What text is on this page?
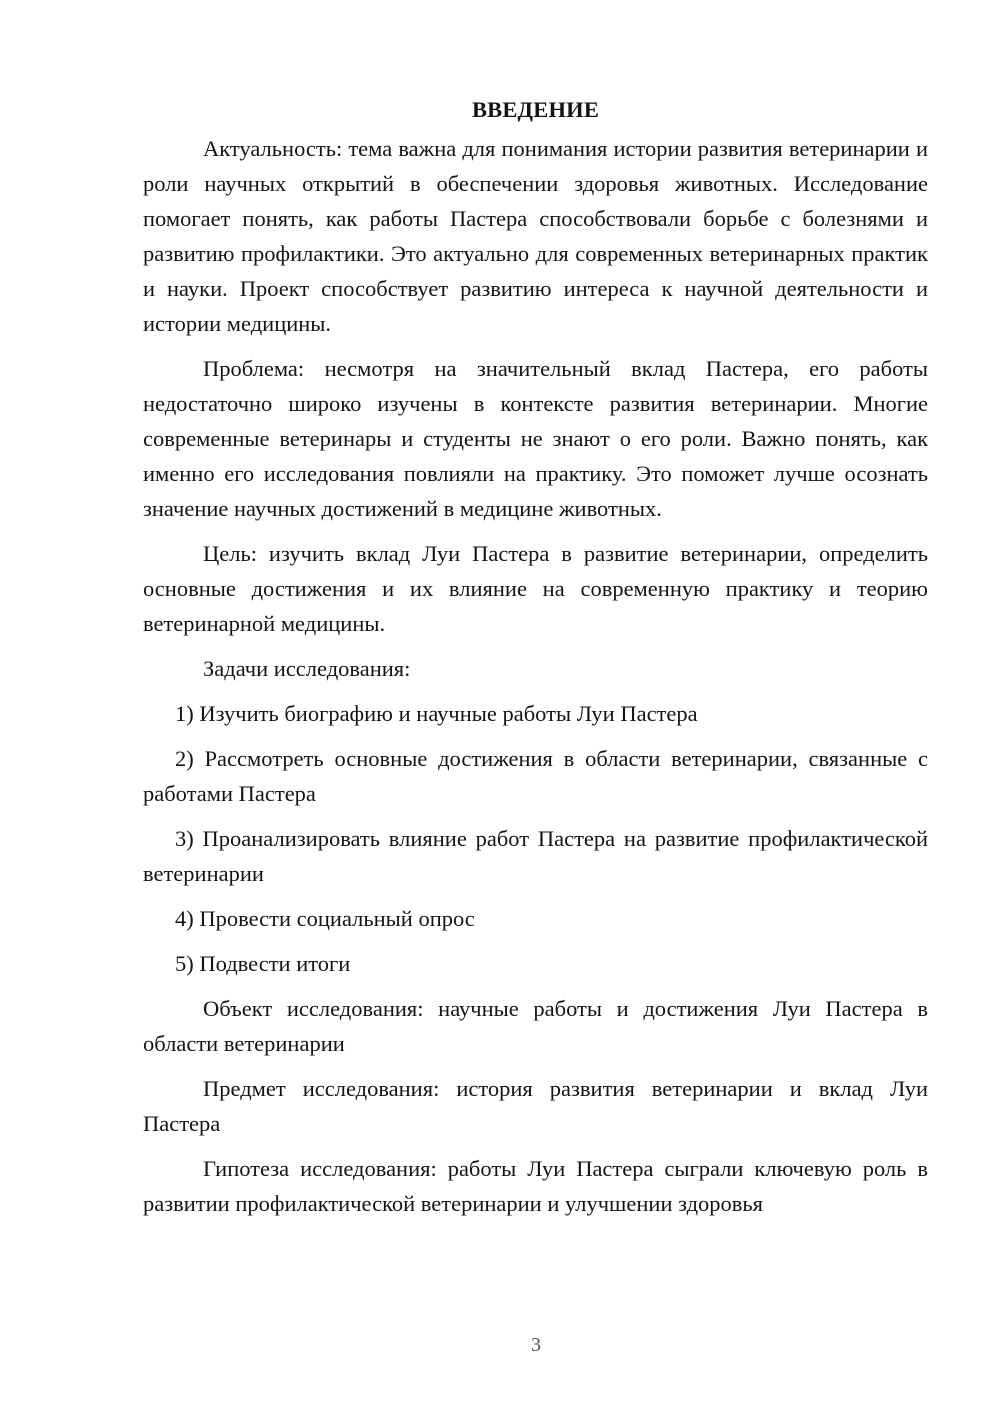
ВВЕДЕНИЕ

Актуальность: тема важна для понимания истории развития ветеринарии и роли научных открытий в обеспечении здоровья животных. Исследование помогает понять, как работы Пастера способствовали борьбе с болезнями и развитию профилактики. Это актуально для современных ветеринарных практик и науки. Проект способствует развитию интереса к научной деятельности и истории медицины.

Проблема: несмотря на значительный вклад Пастера, его работы недостаточно широко изучены в контексте развития ветеринарии. Многие современные ветеринары и студенты не знают о его роли. Важно понять, как именно его исследования повлияли на практику. Это поможет лучше осознать значение научных достижений в медицине животных.

Цель: изучить вклад Луи Пастера в развитие ветеринарии, определить основные достижения и их влияние на современную практику и теорию ветеринарной медицины.

Задачи исследования:

1) Изучить биографию и научные работы Луи Пастера

2) Рассмотреть основные достижения в области ветеринарии, связанные с работами Пастера

3) Проанализировать влияние работ Пастера на развитие профилактической ветеринарии

4) Провести социальный опрос

5) Подвести итоги

Объект исследования: научные работы и достижения Луи Пастера в области ветеринарии

Предмет исследования: история развития ветеринарии и вклад Луи Пастера

Гипотеза исследования: работы Луи Пастера сыграли ключевую роль в развитии профилактической ветеринарии и улучшении здоровья

3
